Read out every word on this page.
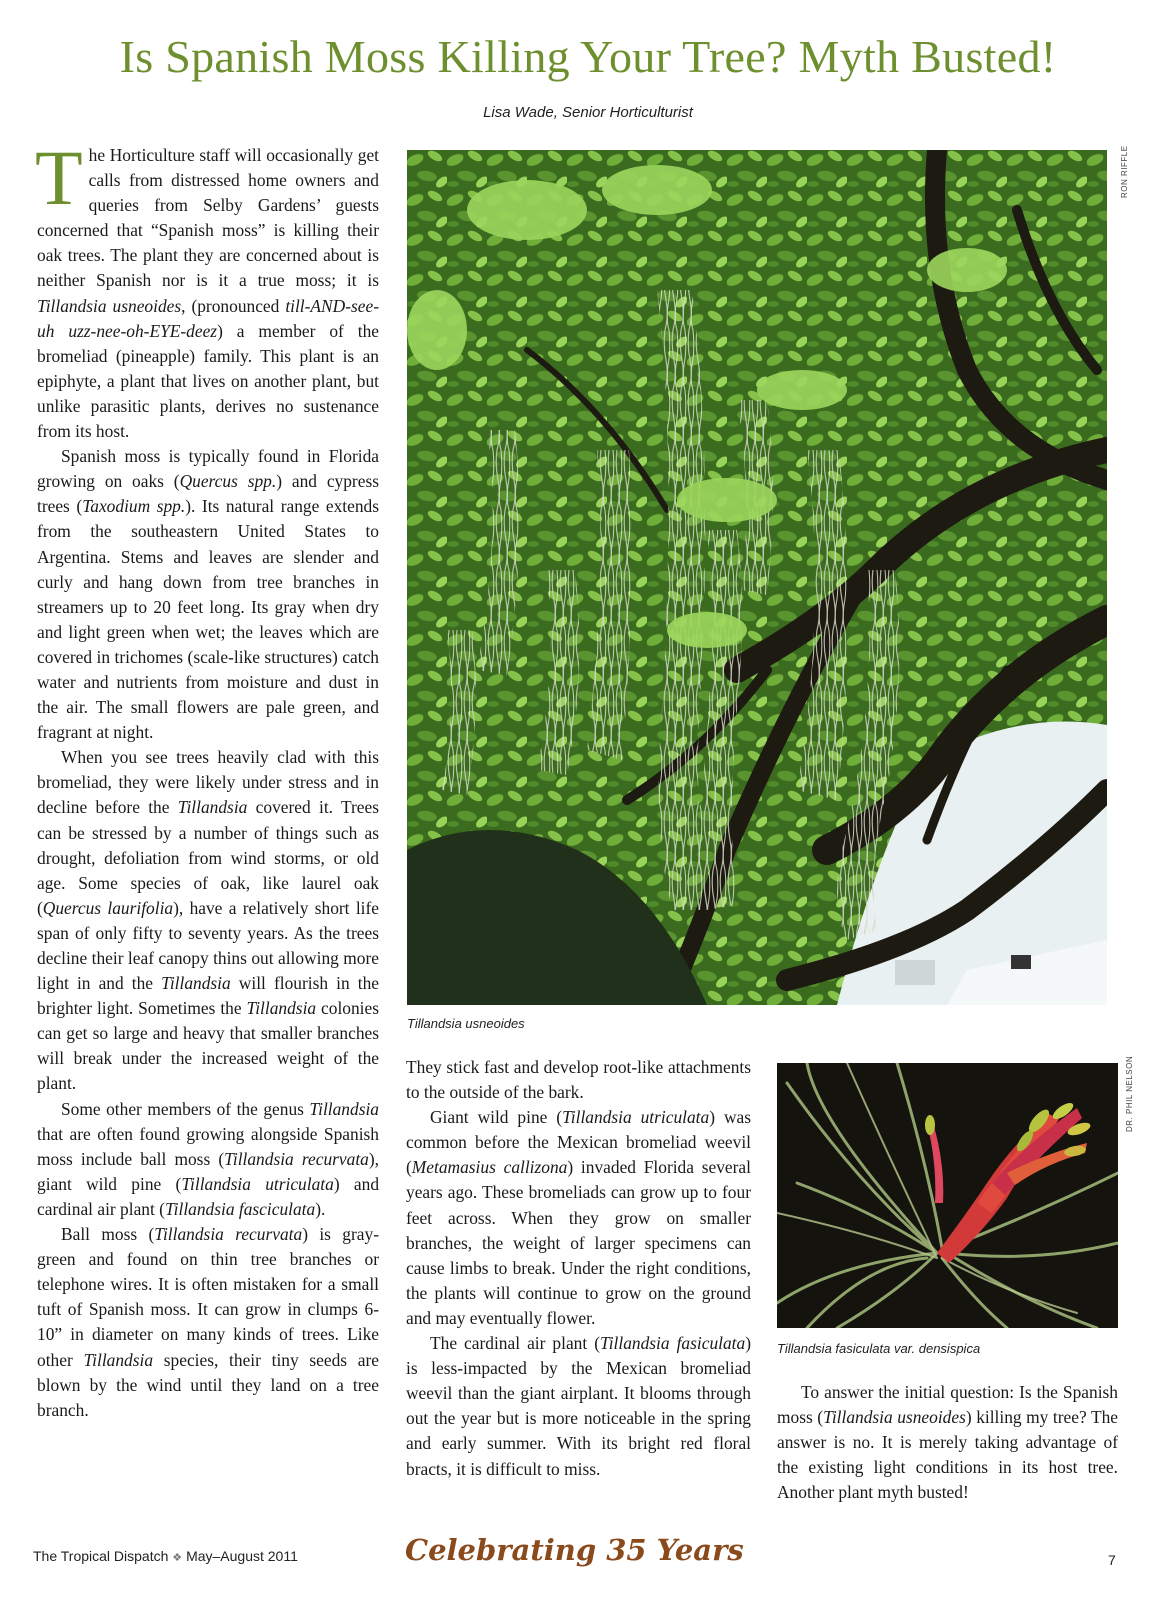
Is Spanish Moss Killing Your Tree? Myth Busted!
Lisa Wade, Senior Horticulturist

The Horticulture staff will occasionally get calls from distressed home owners and queries from Selby Gardens’ guests concerned that “Spanish moss” is killing their oak trees. The plant they are concerned about is neither Spanish nor is it a true moss; it is Tillandsia usneoides, (pronounced till-AND-see-uh uzz-nee-oh-EYE-deez) a member of the bromeliad (pineapple) family. This plant is an epiphyte, a plant that lives on another plant, but unlike parasitic plants, derives no sustenance from its host.

Spanish moss is typically found in Florida growing on oaks (Quercus spp.) and cypress trees (Taxodium spp.). Its natural range extends from the southeastern United States to Argentina. Stems and leaves are slender and curly and hang down from tree branches in streamers up to 20 feet long. Its gray when dry and light green when wet; the leaves which are covered in trichomes (scale-like structures) catch water and nutrients from moisture and dust in the air. The small flowers are pale green, and fragrant at night.

When you see trees heavily clad with this bromeliad, they were likely under stress and in decline before the Tillandsia covered it. Trees can be stressed by a number of things such as drought, defoliation from wind storms, or old age. Some species of oak, like laurel oak (Quercus laurifolia), have a relatively short life span of only fifty to seventy years. As the trees decline their leaf canopy thins out allowing more light in and the Tillandsia will flourish in the brighter light. Sometimes the Tillandsia colonies can get so large and heavy that smaller branches will break under the increased weight of the plant.

Some other members of the genus Tillandsia that are often found growing alongside Spanish moss include ball moss (Tillandsia recurvata), giant wild pine (Tillandsia utriculata) and cardinal air plant (Tillandsia fasciculata).

Ball moss (Tillandsia recurvata) is gray-green and found on thin tree branches or telephone wires. It is often mistaken for a small tuft of Spanish moss. It can grow in clumps 6-10” in diameter on many kinds of trees. Like other Tillandsia species, their tiny seeds are blown by the wind until they land on a tree branch.

Tillandsia usneoides
RON RIFFLE

They stick fast and develop root-like attachments to the outside of the bark.

Giant wild pine (Tillandsia utriculata) was common before the Mexican bromeliad weevil (Metamasius callizona) invaded Florida several years ago. These bromeliads can grow up to four feet across. When they grow on smaller branches, the weight of larger specimens can cause limbs to break. Under the right conditions, the plants will continue to grow on the ground and may eventually flower.

The cardinal air plant (Tillandsia fasiculata) is less-impacted by the Mexican bromeliad weevil than the giant airplant. It blooms through out the year but is more noticeable in the spring and early summer. With its bright red floral bracts, it is difficult to miss.

Tillandsia fasiculata var. densispica
DR. PHIL NELSON

To answer the initial question: Is the Spanish moss (Tillandsia usneoides) killing my tree? The answer is no. It is merely taking advantage of the existing light conditions in its host tree. Another plant myth busted!

The Tropical Dispatch ❖ May–August 2011	Celebrating 35 Years	7
